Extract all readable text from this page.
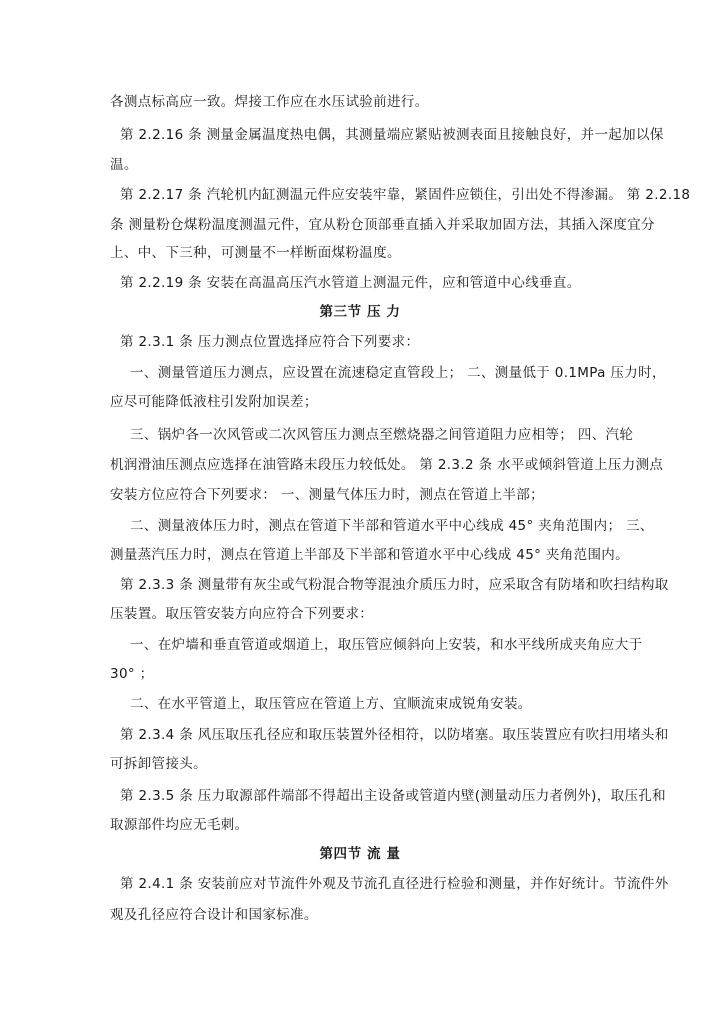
各测点标高应一致。焊接工作应在水压试验前进行。
第 2.2.16 条 测量金属温度热电偶，其测量端应紧贴被测表面且接触良好，并一起加以保
温。
第 2.2.17 条 汽轮机内缸测温元件应安装牢靠，紧固件应锁住，引出处不得渗漏。 第 2.2.18
条 测量粉仓煤粉温度测温元件，宜从粉仓顶部垂直插入并采取加固方法，其插入深度宜分
上、中、下三种，可测量不一样断面煤粉温度。
第 2.2.19 条 安装在高温高压汽水管道上测温元件，应和管道中心线垂直。
第三节 压 力
第 2.3.1 条 压力测点位置选择应符合下列要求：
一、测量管道压力测点，应设置在流速稳定直管段上； 二、测量低于 0.1MPa 压力时，
应尽可能降低液柱引发附加误差；
三、锅炉各一次风管或二次风管压力测点至燃烧器之间管道阻力应相等； 四、汽轮
机润滑油压测点应选择在油管路末段压力较低处。 第 2.3.2 条 水平或倾斜管道上压力测点
安装方位应符合下列要求： 一、测量气体压力时，测点在管道上半部；
二、测量液体压力时，测点在管道下半部和管道水平中心线成 45° 夹角范围内； 三、
测量蒸汽压力时，测点在管道上半部及下半部和管道水平中心线成 45° 夹角范围内。
第 2.3.3 条 测量带有灰尘或气粉混合物等混浊介质压力时，应采取含有防堵和吹扫结构取
压装置。取压管安装方向应符合下列要求：
一、在炉墙和垂直管道或烟道上，取压管应倾斜向上安装，和水平线所成夹角应大于
30° ；
二、在水平管道上，取压管应在管道上方、宜顺流束成锐角安装。
第 2.3.4 条 风压取压孔径应和取压装置外径相符，以防堵塞。取压装置应有吹扫用堵头和
可拆卸管接头。
第 2.3.5 条 压力取源部件端部不得超出主设备或管道内壁(测量动压力者例外)，取压孔和
取源部件均应无毛刺。
第四节 流 量
第 2.4.1 条 安装前应对节流件外观及节流孔直径进行检验和测量，并作好统计。节流件外
观及孔径应符合设计和国家标准。
